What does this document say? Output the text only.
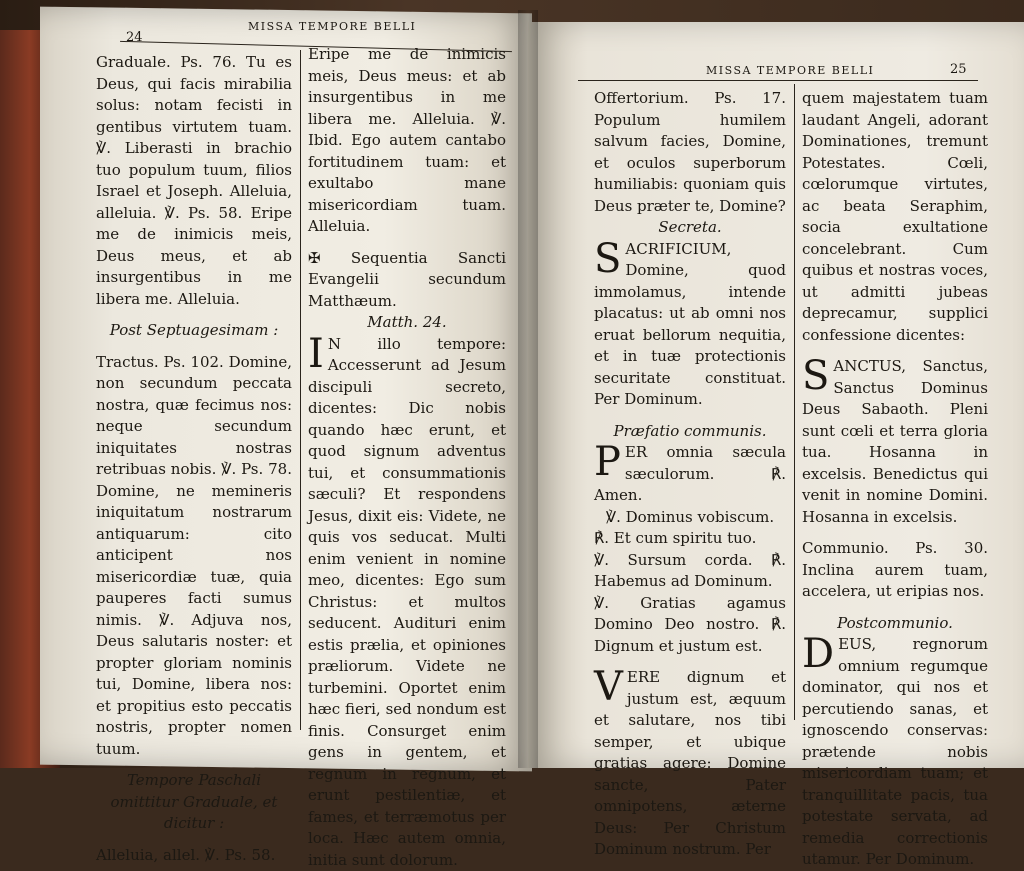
24
MISSA TEMPORE BELLI

Graduale. Ps. 76. Tu es Deus, qui facis mirabilia solus: notam fecisti in gentibus virtutem tuam. ℣. Liberasti in brachio tuo populum tuum, filios Israel et Joseph. Alleluia, alleluia. ℣. Ps. 58. Eripe me de inimicis meis, Deus meus, et ab insurgentibus in me libera me. Alleluia.

Post Septuagesimam :

Tractus. Ps. 102. Domine, non secundum peccata nostra, quæ fecimus nos: neque secundum iniquitates nostras retribuas nobis. ℣. Ps. 78. Domine, ne memineris iniquitatum nostrarum antiquarum: cito anticipent nos misericordiæ tuæ, quia pauperes facti sumus nimis. ℣. Adjuva nos, Deus salutaris noster: et propter gloriam nominis tui, Domine, libera nos: et propitius esto peccatis nostris, propter nomen tuum.

Tempore Paschali omittitur Graduale, et dicitur :

Alleluia, allel. ℣. Ps. 58.

Eripe me de inimicis meis, Deus meus: et ab insurgentibus in me libera me. Alleluia. ℣. Ibid. Ego autem cantabo fortitudinem tuam: et exultabo mane misericordiam tuam. Alleluia.

✠ Sequentia Sancti Evangelii secundum Matthæum.

Matth. 24.

I N illo tempore: Accesserunt ad Jesum discipuli secreto, dicentes: Dic nobis quando hæc erunt, et quod signum adventus tui, et consummationis sæculi? Et respondens Jesus, dixit eis: Videte, ne quis vos seducat. Multi enim venient in nomine meo, dicentes: Ego sum Christus: et multos seducent. Audituri enim estis prælia, et opiniones præliorum. Videte ne turbemini. Oportet enim hæc fieri, sed nondum est finis. Consurget enim gens in gentem, et regnum in regnum, et erunt pestilentiæ, et fames, et terræmotus per loca. Hæc autem omnia, initia sunt dolorum.

MISSA TEMPORE BELLI	25

Offertorium. Ps. 17. Populum humilem salvum facies, Domine, et oculos superborum humiliabis: quoniam quis Deus præter te, Domine?

Secreta.

SACRIFICIUM, Domine, quod immolamus, intende placatus: ut ab omni nos eruat bellorum nequitia, et in tuæ protectionis securitate constituat. Per Dominum.

Præfatio communis.

PER omnia sæcula sæculorum. ℟. Amen.

℣. Dominus vobiscum.

℟. Et cum spiritu tuo.

℣. Sursum corda. ℟. Habemus ad Dominum.

℣. Gratias agamus Domino Deo nostro. ℟. Dignum et justum est.

VERE dignum et justum est, æquum et salutare, nos tibi semper, et ubique gratias agere: Domine sancte, Pater omnipotens, æterne Deus: Per Christum Dominum nostrum. Per

quem majestatem tuam laudant Angeli, adorant Dominationes, tremunt Potestates. Cœli, cœlorumque virtutes, ac beata Seraphim, socia exultatione concelebrant. Cum quibus et nostras voces, ut admitti jubeas deprecamur, supplici confessione dicentes:

SANCTUS, Sanctus, Sanctus Dominus Deus Sabaoth. Pleni sunt cœli et terra gloria tua. Hosanna in excelsis. Benedictus qui venit in nomine Domini. Hosanna in excelsis.

Communio. Ps. 30. Inclina aurem tuam, accelera, ut eripias nos.

Postcommunio.

DEUS, regnorum omnium regumque dominator, qui nos et percutiendo sanas, et ignoscendo conservas: prætende nobis misericordiam tuam; et tranquillitate pacis, tua potestate servata, ad remedia correctionis utamur. Per Dominum.
